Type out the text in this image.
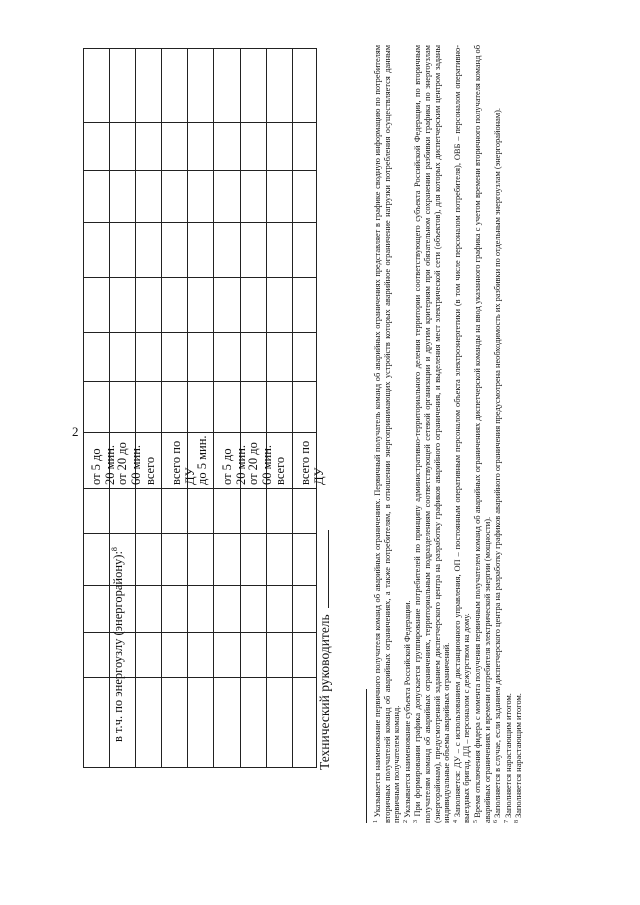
2
от 5 до 20 мин.
от 20 до 60 мин. всего всего по ДУ
до 5 мин. от 5 до 20 мин.
от 20 до 60 мин. всего всего по ДУ
в т.ч. по энергоузлу (энергорайону):$^8$
Технический руководитель

$^1$ Указывается наименование первичного получателя команд об аварийных ограничениях. Первичный получатель команд об аварийных ограничениях представляет в графике сводную информацию по потребителям вторичных получателей команд об аварийных ограничениях, а также потребителям, в отношении энергопринимающих устройств которых аварийное ограничение нагрузки потребления осуществляется данным первичным получателем команд. $^2$ Указывается наименование субъекта Российской Федерации.

$^3$ При формировании графика допускается группирование потребителей по принципу административно-территориального деления территории соответствующего субъекта Российской Федерации, по вторичным получателям команд об аварийных ограничениях, территориальным подразделениям соответствующей сетевой организации и другим критериям при обязательном сохранении разбивки графика по энергоузлам (энергорайонам), предусмотренной заданием диспетчерского центра на разработку графиков аварийного ограничения, и выделения мест электрической сети (объектов), для которых диспетчерским центром заданы индивидуальные объемы аварийных ограничений. $^4$ Заполняется: ДУ – с использованием дистанционного управления, ОП – постоянным оперативным персоналом объекта электроэнергетики (в том числе персоналом потребителя), ОВБ – персоналом оперативно-выездных бригад, ДД – персоналом с дежурством на дому. $^5$ Время отключения фидера с момента получения первичным получателем команд об аварийных ограничениях диспетчерской команды на ввод указанного графика с учетом времени вторичного получателя команд об аварийных ограничениях и времени потребителя электрической энергии (мощности). $^6$ Заполняется в случае, если заданием диспетчерского центра на разработку графиков аварийного ограничения предусмотрена необходимость их разбивки по отдельным энергоузлам (энергорайонам).

$^7$ Заполняется нарастающим итогом.

$^8$ Заполняется нарастающим итогом.
